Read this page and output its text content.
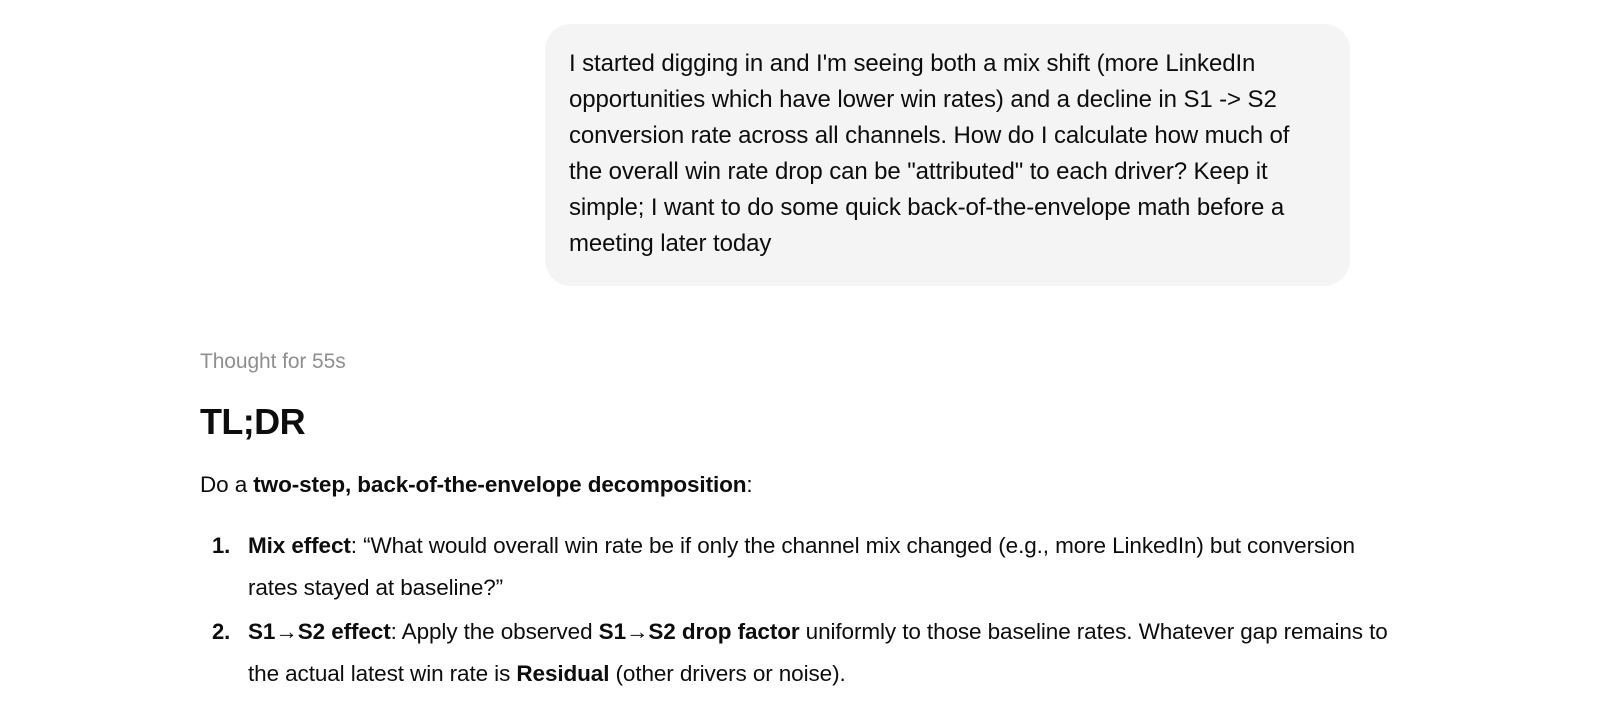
I started digging in and I'm seeing both a mix shift (more LinkedIn opportunities which have lower win rates) and a decline in S1 -> S2 conversion rate across all channels. How do I calculate how much of the overall win rate drop can be "attributed" to each driver? Keep it simple; I want to do some quick back-of-the-envelope math before a meeting later today
Thought for 55s
TL;DR

Do a two-step, back-of-the-envelope decomposition:

Mix effect: “What would overall win rate be if only the channel mix changed (e.g., more LinkedIn) but conversion rates stayed at baseline?”
S1→S2 effect: Apply the observed S1→S2 drop factor uniformly to those baseline rates. Whatever gap remains to the actual latest win rate is Residual (other drivers or noise).
